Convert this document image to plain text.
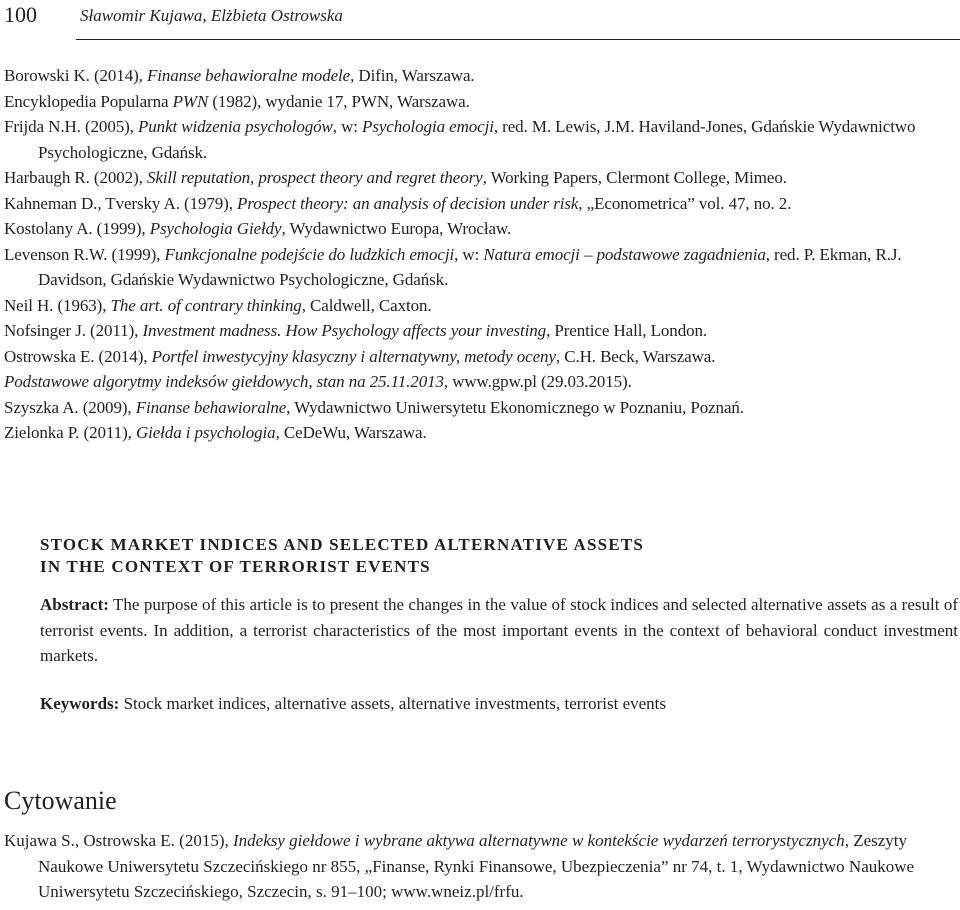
100	Sławomir Kujawa, Elżbieta Ostrowska

Borowski K. (2014), Finanse behawioralne modele, Difin, Warszawa.

Encyklopedia Popularna PWN (1982), wydanie 17, PWN, Warszawa.

Frijda N.H. (2005), Punkt widzenia psychologów, w: Psychologia emocji, red. M. Lewis, J.M. Haviland-Jones, Gdańskie Wydawnictwo Psychologiczne, Gdańsk.

Harbaugh R. (2002), Skill reputation, prospect theory and regret theory, Working Papers, Clermont College, Mimeo.

Kahneman D., Tversky A. (1979), Prospect theory: an analysis of decision under risk, „Econometrica” vol. 47, no. 2.

Kostolany A. (1999), Psychologia Giełdy, Wydawnictwo Europa, Wrocław.

Levenson R.W. (1999), Funkcjonalne podejście do ludzkich emocji, w: Natura emocji – podstawowe zagadnienia, red. P. Ekman, R.J. Davidson, Gdańskie Wydawnictwo Psychologiczne, Gdańsk.

Neil H. (1963), The art. of contrary thinking, Caldwell, Caxton.

Nofsinger J. (2011), Investment madness. How Psychology affects your investing, Prentice Hall, London.

Ostrowska E. (2014), Portfel inwestycyjny klasyczny i alternatywny, metody oceny, C.H. Beck, Warszawa.

Podstawowe algorytmy indeksów giełdowych, stan na 25.11.2013, www.gpw.pl (29.03.2015).

Szyszka A. (2009), Finanse behawioralne, Wydawnictwo Uniwersytetu Ekonomicznego w Poznaniu, Poznań.

Zielonka P. (2011), Giełda i psychologia, CeDeWu, Warszawa.

STOCK MARKET INDICES AND SELECTED ALTERNATIVE ASSETS
IN THE CONTEXT OF TERRORIST EVENTS

Abstract: The purpose of this article is to present the changes in the value of stock indices and selected alternative assets as a result of terrorist events. In addition, a terrorist characteristics of the most important events in the context of behavioral conduct investment markets.

Keywords: Stock market indices, alternative assets, alternative investments, terrorist events

Cytowanie

Kujawa S., Ostrowska E. (2015), Indeksy giełdowe i wybrane aktywa alternatywne w kontekście wydarzeń terrorystycznych, Zeszyty Naukowe Uniwersytetu Szczecińskiego nr 855, „Finanse, Rynki Finansowe, Ubezpieczenia” nr 74, t. 1, Wydawnictwo Naukowe Uniwersytetu Szczecińskiego, Szczecin, s. 91–100; www.wneiz.pl/frfu.
